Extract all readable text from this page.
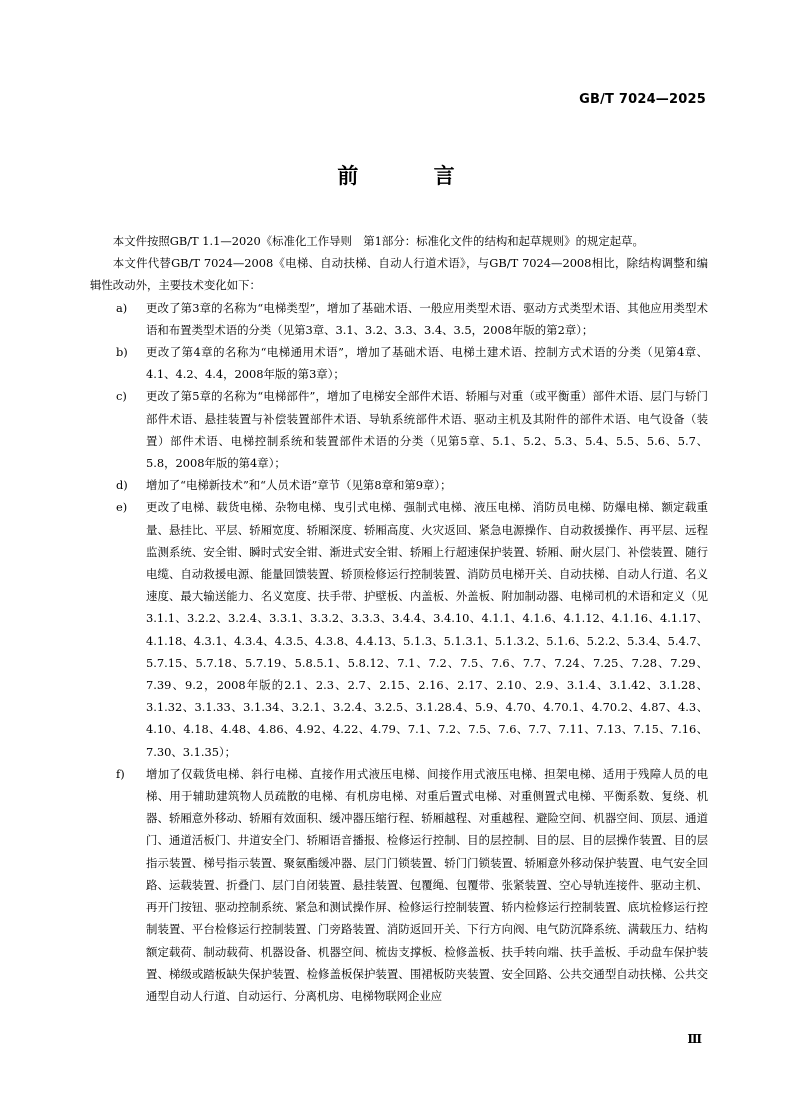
GB/T 7024—2025
前 言

本文件按照GB/T 1.1—2020《标准化工作导则　第1部分：标准化文件的结构和起草规则》的规定起草。

本文件代替GB/T 7024—2008《电梯、自动扶梯、自动人行道术语》，与GB/T 7024—2008相比，除结构调整和编辑性改动外，主要技术变化如下：

a) 更改了第3章的名称为“电梯类型”，增加了基础术语、一般应用类型术语、驱动方式类型术语、其他应用类型术语和布置类型术语的分类（见第3章、3.1、3.2、3.3、3.4、3.5，2008年版的第2章）；
b) 更改了第4章的名称为“电梯通用术语”，增加了基础术语、电梯土建术语、控制方式术语的分类（见第4章、4.1、4.2、4.4，2008年版的第3章）；
c) 更改了第5章的名称为“电梯部件”，增加了电梯安全部件术语、轿厢与对重（或平衡重）部件术语、层门与轿门部件术语、悬挂装置与补偿装置部件术语、导轨系统部件术语、驱动主机及其附件的部件术语、电气设备（装置）部件术语、电梯控制系统和装置部件术语的分类（见第5章、5.1、5.2、5.3、5.4、5.5、5.6、5.7、5.8，2008年版的第4章）；
d) 增加了“电梯新技术”和“人员术语”章节（见第8章和第9章）；
e) 更改了电梯、载货电梯、杂物电梯、曳引式电梯、强制式电梯、液压电梯、消防员电梯、防爆电梯、额定载重量、悬挂比、平层、轿厢宽度、轿厢深度、轿厢高度、火灾返回、紧急电源操作、自动救援操作、再平层、远程监测系统、安全钳、瞬时式安全钳、渐进式安全钳、轿厢上行超速保护装置、轿厢、耐火层门、补偿装置、随行电缆、自动救援电源、能量回馈装置、轿顶检修运行控制装置、消防员电梯开关、自动扶梯、自动人行道、名义速度、最大输送能力、名义宽度、扶手带、护壁板、内盖板、外盖板、附加制动器、电梯司机的术语和定义（见3.1.1、3.2.2、3.2.4、3.3.1、3.3.2、3.3.3、3.4.4、3.4.10、4.1.1、4.1.6、4.1.12、4.1.16、4.1.17、4.1.18、4.3.1、4.3.4、4.3.5、4.3.8、4.4.13、5.1.3、5.1.3.1、5.1.3.2、5.1.6、5.2.2、5.3.4、5.4.7、5.7.15、5.7.18、5.7.19、5.8.5.1、5.8.12、7.1、7.2、7.5、7.6、7.7、7.24、7.25、7.28、7.29、7.39、9.2，2008年版的2.1、2.3、2.7、2.15、2.16、2.17、2.10、2.9、3.1.4、3.1.42、3.1.28、3.1.32、3.1.33、3.1.34、3.2.1、3.2.4、3.2.5、3.1.28.4、5.9、4.70、4.70.1、4.70.2、4.87、4.3、4.10、4.18、4.48、4.86、4.92、4.22、4.79、7.1、7.2、7.5、7.6、7.7、7.11、7.13、7.15、7.16、7.30、3.1.35）；
f) 增加了仅载货电梯、斜行电梯、直接作用式液压电梯、间接作用式液压电梯、担架电梯、适用于残障人员的电梯、用于辅助建筑物人员疏散的电梯、有机房电梯、对重后置式电梯、对重侧置式电梯、平衡系数、复绕、机器、轿厢意外移动、轿厢有效面积、缓冲器压缩行程、轿厢越程、对重越程、避险空间、机器空间、顶层、通道门、通道活板门、井道安全门、轿厢语音播报、检修运行控制、目的层控制、目的层、目的层操作装置、目的层指示装置、梯号指示装置、聚氨酯缓冲器、层门门锁装置、轿门门锁装置、轿厢意外移动保护装置、电气安全回路、运载装置、折叠门、层门自闭装置、悬挂装置、包覆绳、包覆带、张紧装置、空心导轨连接件、驱动主机、再开门按钮、驱动控制系统、紧急和测试操作屏、检修运行控制装置、轿内检修运行控制装置、底坑检修运行控制装置、平台检修运行控制装置、门旁路装置、消防返回开关、下行方向阀、电气防沉降系统、满载压力、结构额定载荷、制动载荷、机器设备、机器空间、梳齿支撑板、检修盖板、扶手转向端、扶手盖板、手动盘车保护装置、梯级或踏板缺失保护装置、检修盖板保护装置、围裙板防夹装置、安全回路、公共交通型自动扶梯、公共交通型自动人行道、自动运行、分离机房、电梯物联网企业应
Ⅲ
